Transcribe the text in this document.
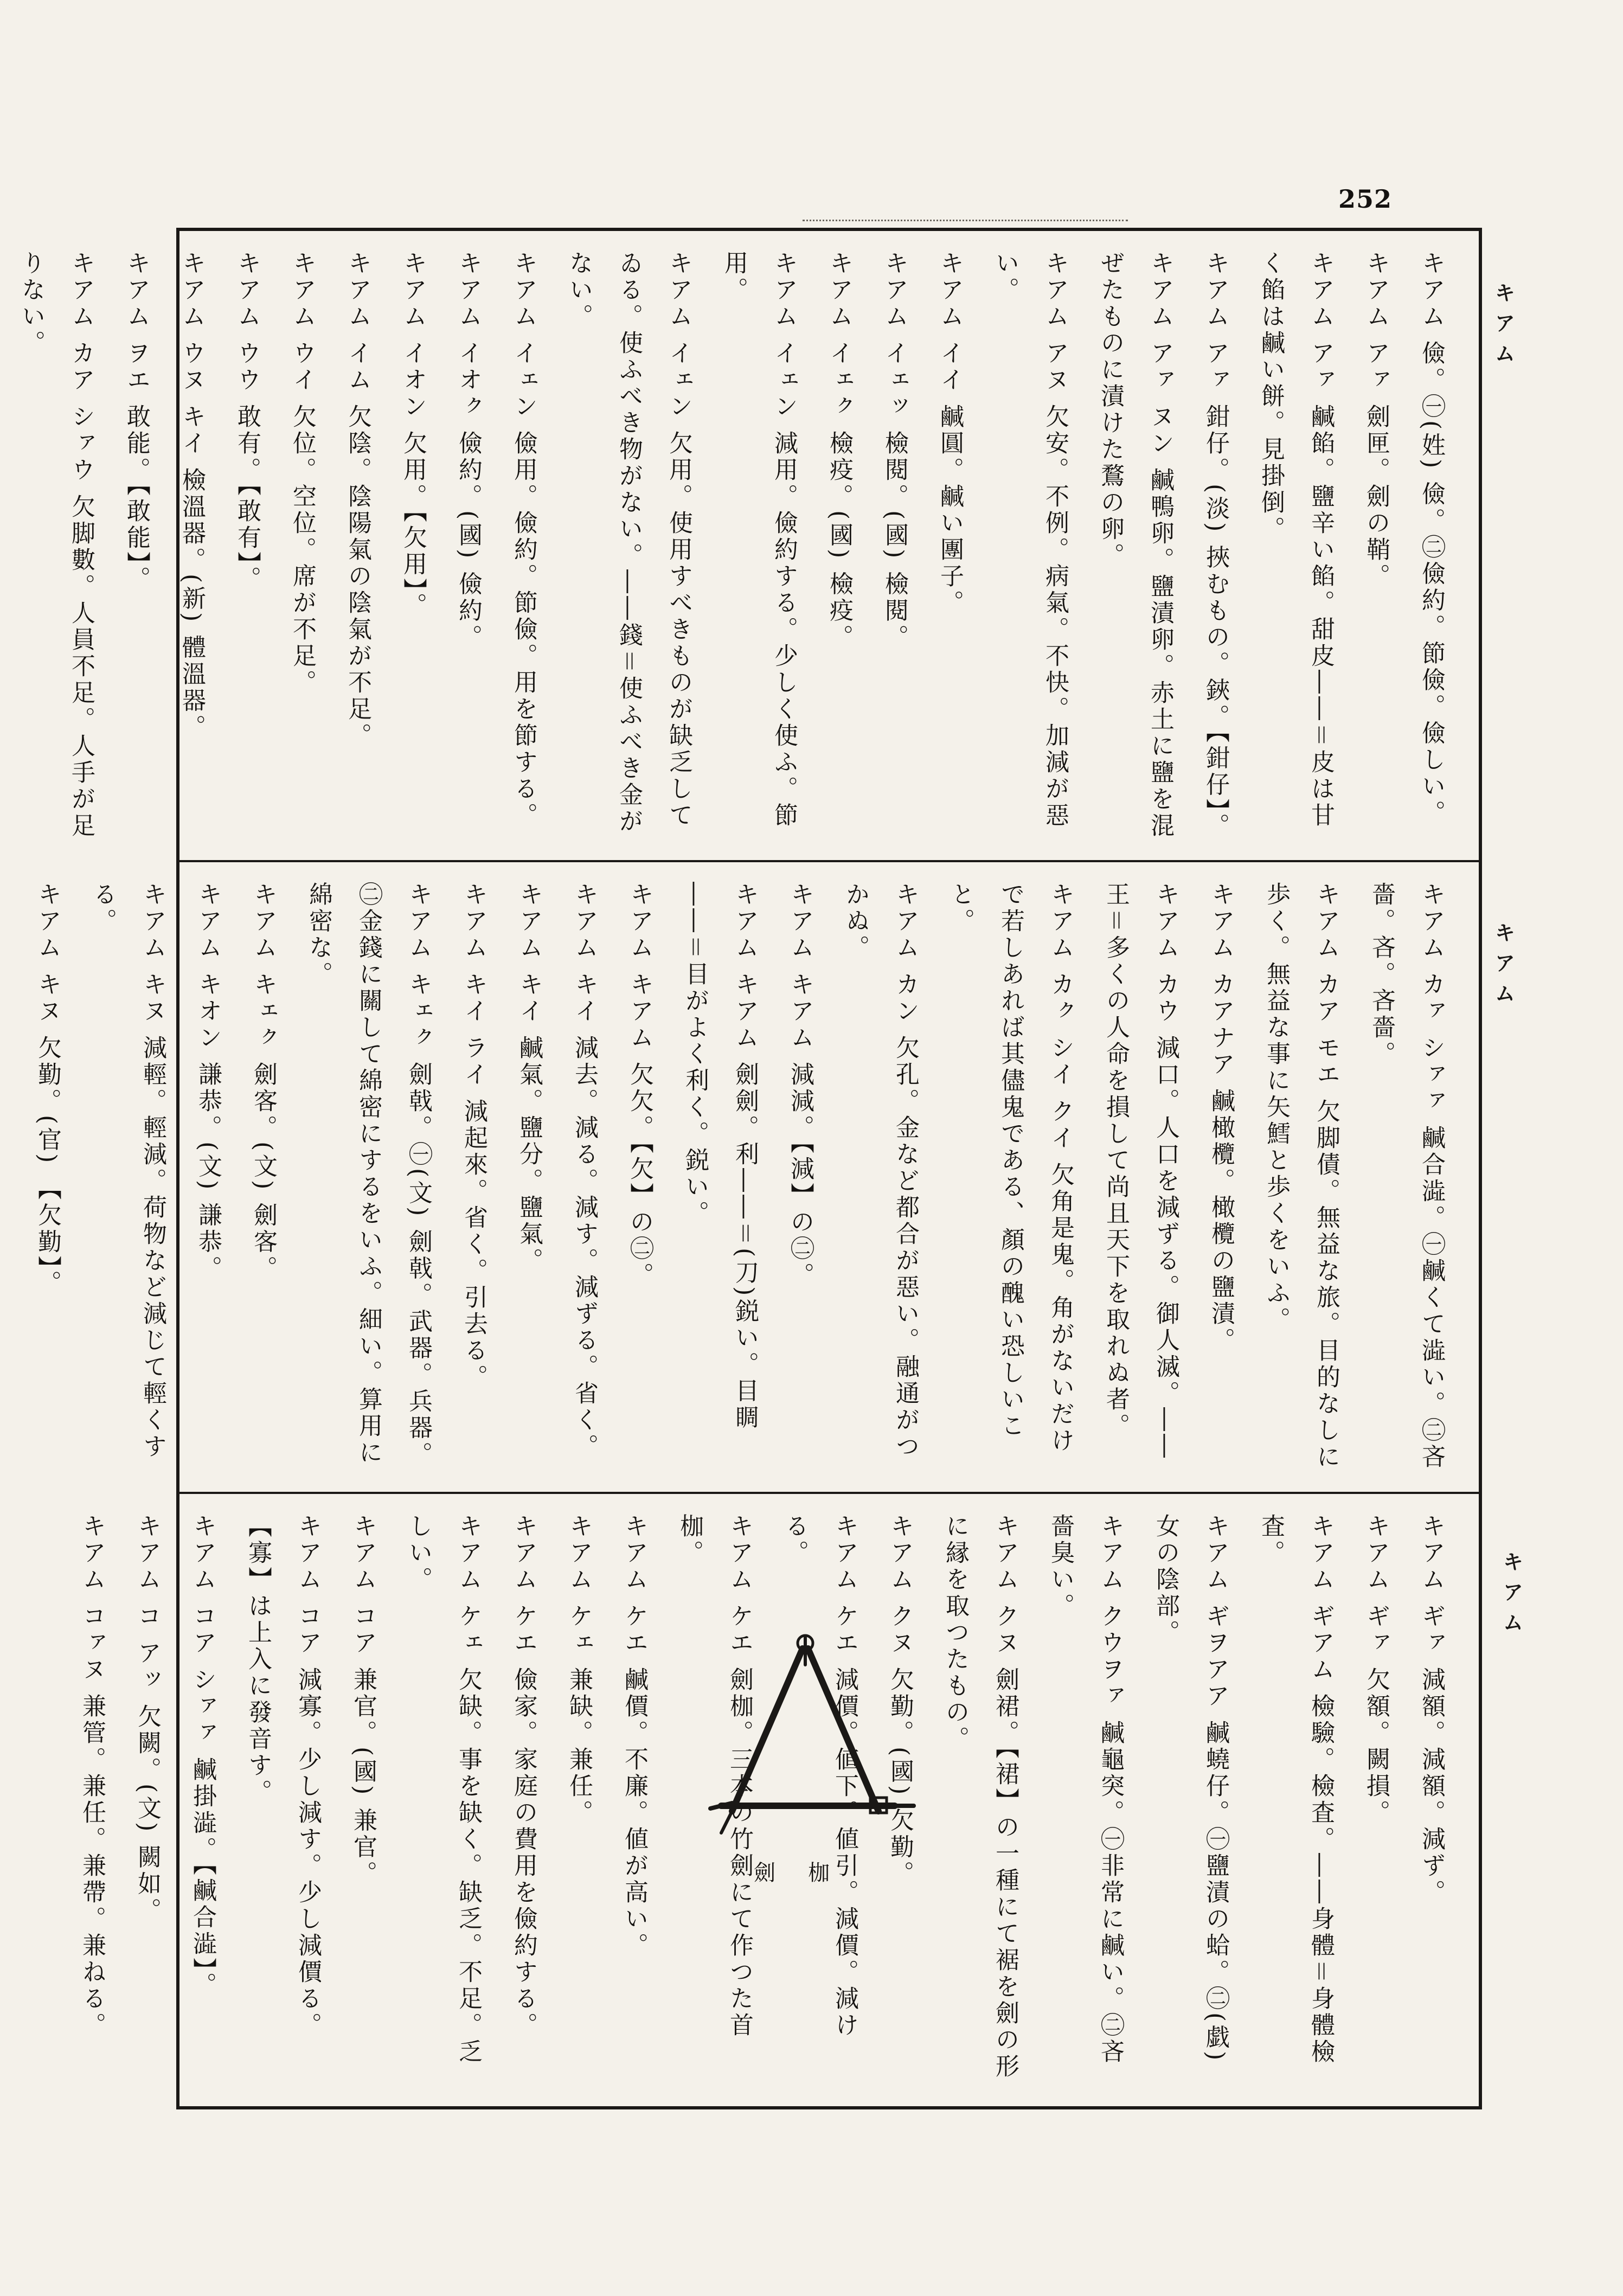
252
キアム
キアム
キアム
キアム 儉。㊀(姓) 儉。㊁儉約。節儉。儉しい。
キアム アァ 劍匣。劍の鞘。
キアム アァ 鹹餡。鹽辛い餡。甜皮――＝皮は甘く餡は鹹い餅。見掛倒。
キアム アァ 鉗仔。(淡) 挾むもの。鋏。【鉗仔】。
キアム アァ ヌン 鹹鴨卵。鹽漬卵。赤土に鹽を混ぜたものに漬けた鶩の卵。
キアム アヌ 欠安。不例。病氣。不快。加減が惡い。
キアム イイ 鹹圓。鹹い團子。
キアム イェッ 檢閱。(國) 檢閱。
キアム イェㇰ 檢疫。(國) 檢疫。
キアム イェン 減用。儉約する。少しく使ふ。節用。
キアム イェン 欠用。使用すべきものが缺乏してゐる。使ふべき物がない。――錢＝使ふべき金がない。
キアム イェン 儉用。儉約。節儉。用を節する。
キアム イオㇰ 儉約。(國) 儉約。
キアム イオン 欠用。【欠用】。
キアム イム 欠陰。陰陽氣の陰氣が不足。
キアム ウイ 欠位。空位。席が不足。
キアム ウウ 敢有。【敢有】。
キアム ウヌ キイ 檢溫器。(新) 體溫器。
キアム ヲエ 敢能。【敢能】。
キアム カア シァウ 欠脚數。人員不足。人手が足りない。
キアム カァ シァァ 鹹合澁。㊀鹹くて澁い。㊁吝嗇。吝。吝嗇。
キアム カア モエ 欠脚債。無益な旅。目的なしに歩く。無益な事に矢鱈と歩くをいふ。
キアム カアナア 鹹橄欖。橄欖の鹽漬。
キアム カウ 減口。人口を減ずる。御人滅。――王＝多くの人命を損して尚且天下を取れぬ者。
キアム カㇰ シイ クイ 欠角是鬼。角がないだけで若しあれば其儘鬼である、顏の醜い恐しいこと。
キアム カン 欠孔。金など都合が惡い。融通がつかぬ。
キアム キアム 減減。【減】の㊁。
キアム キアム 劍劍。利――＝(刀)鋭い。目睭――＝目がよく利く。鋭い。
キアム キアム 欠欠。【欠】の㊁。
キアム キイ 減去。減る。減す。減ずる。省く。
キアム キイ 鹹氣。鹽分。鹽氣。
キアム キイ ライ 減起來。省く。引去る。
キアム キェㇰ 劍戟。㊀(文) 劍戟。武器。兵器。㊁金錢に關して綿密にするをいふ。細い。算用に綿密な。
キアム キェㇰ 劍客。(文) 劍客。
キアム キオン 謙恭。(文) 謙恭。
キアム キヌ 減輕。輕減。荷物など減じて輕くする。
キアム キヌ 欠勤。(官) 【欠勤】。
キアム ギァ 減額。減額。減ず。
キアム ギァ 欠額。闕損。
キアム ギアム 檢驗。檢査。――身體＝身體檢査。
キアム ギヲアア 鹹蟯仔。㊀鹽漬の蛤。㊁(戯) 女の陰部。
キアム クウヲァ 鹹龜突。㊀非常に鹹い。㊁吝嗇臭い。
キアム クヌ 劍裙。【裙】の一種にて裾を劍の形に縁を取つたもの。
キアム クヌ 欠勤。(國) 欠勤。
キアム ケエ 減價。値下。値引。減價。減ける。
キアム ケエ 劍枷。三本の竹劍にて作つた首枷。
キアム ケエ 鹹價。不廉。値が高い。
キアム ケェ 兼缺。兼任。
キアム ケエ 儉家。家庭の費用を儉約する。
キアム ケェ 欠缺。事を缺く。缺乏。不足。乏しい。
キアム コア 兼官。(國) 兼官。
キアム コア 減寡。少し減す。少し減價る。【寡】は上入に發音す。
キアム コア シァァ 鹹掛澁。【鹹合澁】。
キアム コ アッ 欠闕。(文) 闕如。
キアム コァヌ 兼管。兼任。兼帶。兼ねる。	劍枷
